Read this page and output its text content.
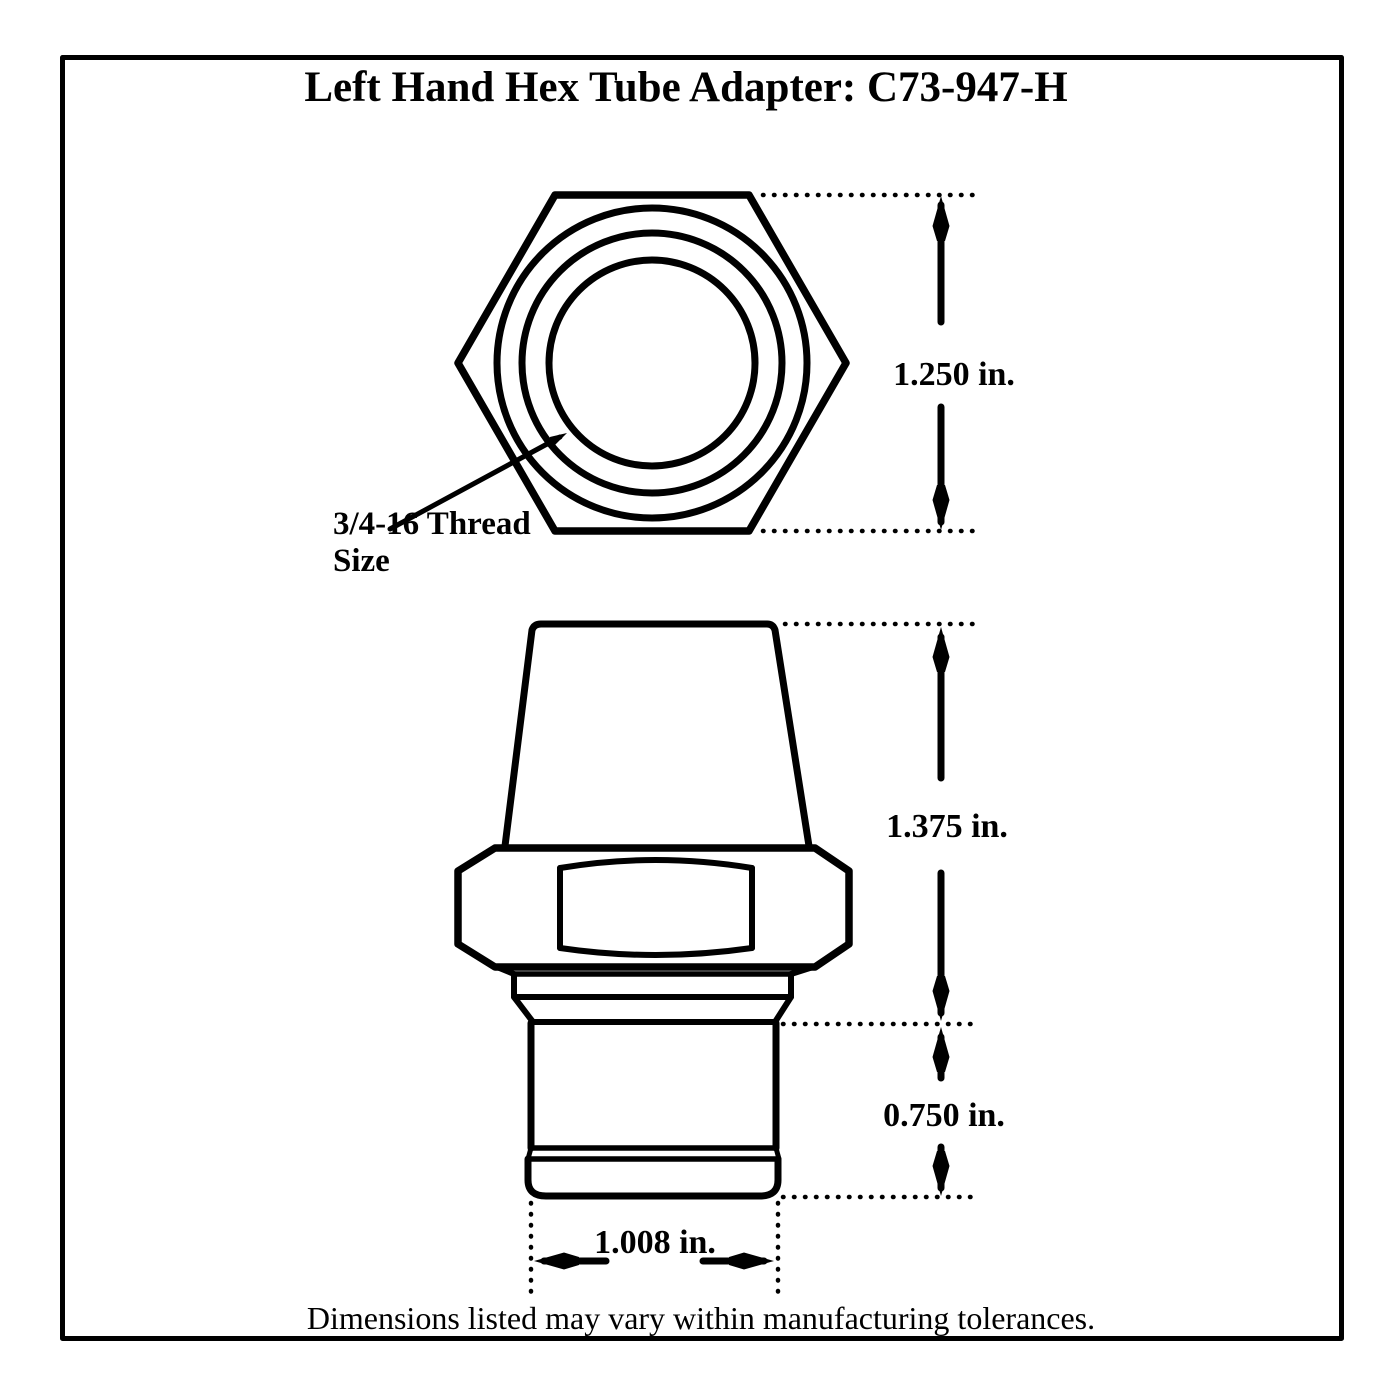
Left Hand Hex Tube Adapter: C73-947-H
3/4-16 Thread
Size
1.250 in.
1.375 in.
0.750 in.
1.008 in.
Dimensions listed may vary within manufacturing tolerances.
